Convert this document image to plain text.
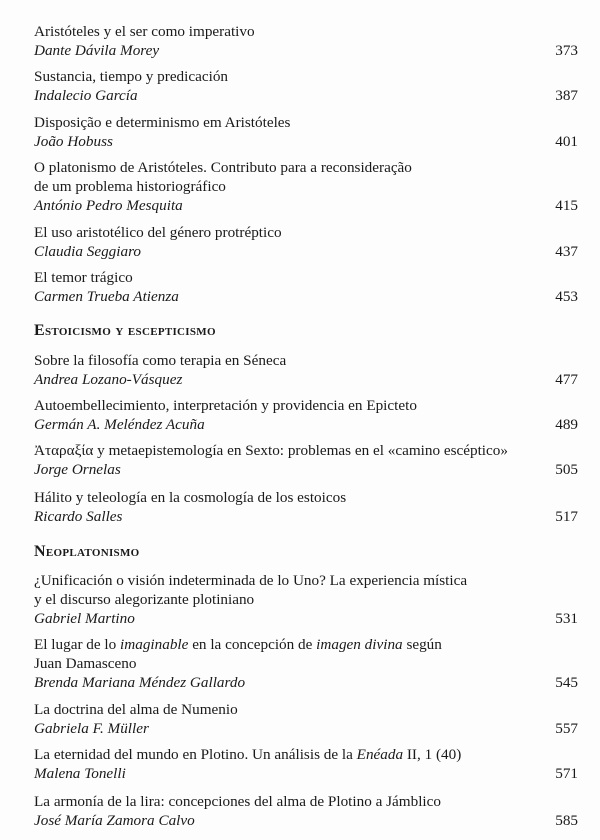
Aristóteles y el ser como imperativo
Dante Dávila Morey	373
Sustancia, tiempo y predicación
Indalecio García	387
Disposição e determinismo em Aristóteles
João Hobuss	401
O platonismo de Aristóteles. Contributo para a reconsideração
de um problema historiográfico
António Pedro Mesquita	415
El uso aristotélico del género protréptico
Claudia Seggiaro	437
El temor trágico
Carmen Trueba Atienza	453
Estoicismo y escepticismo
Sobre la filosofía como terapia en Séneca
Andrea Lozano-Vásquez	477
Autoembellecimiento, interpretación y providencia en Epicteto
Germán A. Meléndez Acuña	489
Ἀταραξία y metaepistemología en Sexto: problemas en el «camino escéptico»
Jorge Ornelas	505
Hálito y teleología en la cosmología de los estoicos
Ricardo Salles	517
Neoplatonismo
¿Unificación o visión indeterminada de lo Uno? La experiencia mística
y el discurso alegorizante plotiniano
Gabriel Martino	531
El lugar de lo imaginable en la concepción de imagen divina según
Juan Damasceno
Brenda Mariana Méndez Gallardo	545
La doctrina del alma de Numenio
Gabriela F. Müller	557
La eternidad del mundo en Plotino. Un análisis de la Enéada II, 1 (40)
Malena Tonelli	571
La armonía de la lira: concepciones del alma de Plotino a Jámblico
José María Zamora Calvo	585
